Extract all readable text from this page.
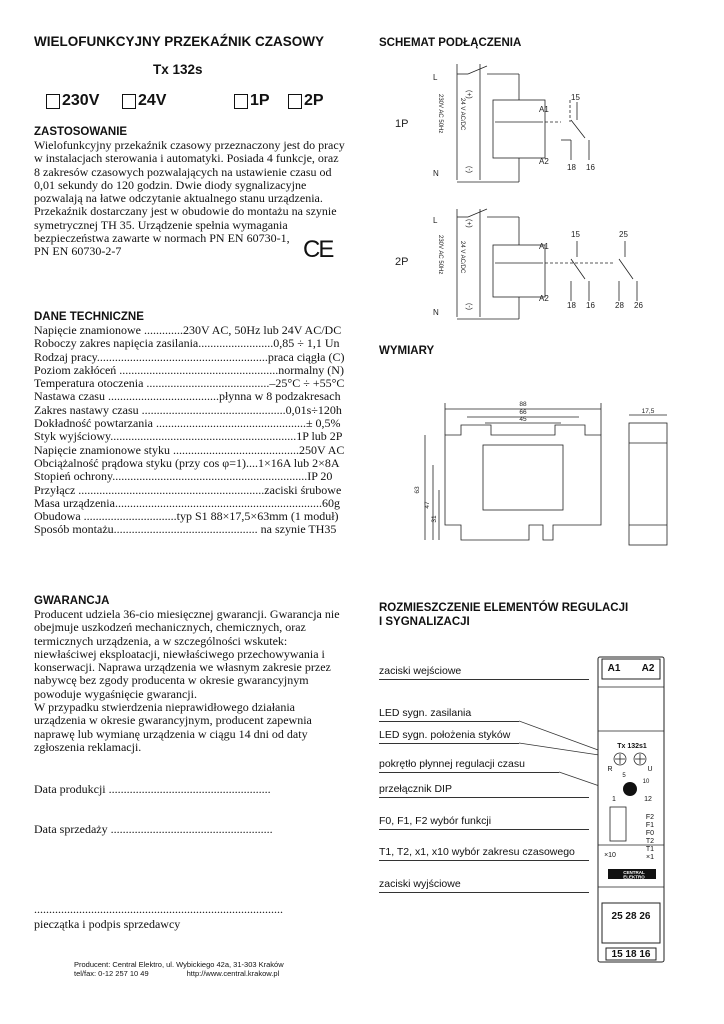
WIELOFUNKCYJNY PRZEKAŹNIK CZASOWY
Tx 132s
230V 24V	1P 2P
ZASTOSOWANIE
Wielofunkcyjny przekaźnik czasowy przeznaczony jest do pracy
w instalacjach sterowania i automatyki. Posiada 4 funkcje, oraz
8 zakresów czasowych pozwalających na ustawienie czasu od
0,01 sekundy do 120 godzin. Dwie diody sygnalizacyjne
pozwalają na łatwe odczytanie aktualnego stanu urządzenia.
Przekaźnik dostarczany jest w obudowie do montażu na szynie
symetrycznej TH 35. Urządzenie spełnia wymagania
bezpieczeństwa zawarte w normach PN EN 60730-1,
PN EN 60730-2-7	CE
DANE TECHNICZNE
Napięcie znamionowe .............230V AC, 50Hz lub 24V AC/DC
Roboczy zakres napięcia zasilania.........................0,85 ÷ 1,1 Un
Rodzaj pracy.........................................................praca ciągła (C)
Poziom zakłóceń .....................................................normalny (N)
Temperatura otoczenia .........................................–25°C ÷ +55°C
Nastawa czasu .....................................płynna w 8 podzakresach
Zakres nastawy czasu ................................................0,01s÷120h
Dokładność powtarzania ..................................................± 0,5%
Styk wyjściowy..............................................................1P lub 2P
Napięcie znamionowe styku ..........................................250V AC
Obciążalność prądowa styku (przy cos φ=1)....1×16A lub 2×8A
Stopień ochrony.................................................................IP 20
Przyłącz ..............................................................zaciski śrubowe
Masa urządzenia.....................................................................60g
Obudowa ...............................typ S1 88×17,5×63mm (1 moduł)
Sposób montażu................................................ na szynie TH35
GWARANCJA
Producent udziela 36-cio miesięcznej gwarancji. Gwarancja nie
obejmuje uszkodzeń mechanicznych, chemicznych, oraz
termicznych urządzenia, a w szczególności wskutek:
niewłaściwej eksploatacji, niewłaściwego przechowywania i
konserwacji. Naprawa urządzenia we własnym zakresie przez
nabywcę bez zgody producenta w okresie gwarancyjnym
powoduje wygaśnięcie gwarancji.
W przypadku stwierdzenia nieprawidłowego działania
urządzenia w okresie gwarancyjnym, producent zapewnia
naprawę lub wymianę urządzenia w ciągu 14 dni od daty
zgłoszenia reklamacji.
Data produkcji ......................................................
Data sprzedaży ......................................................
...................................................................................
pieczątka i podpis sprzedawcy
Producent: Central Elektro, ul. Wybickiego 42a, 31-303 Kraków
tel/fax: 0-12 257 10 49	http://www.central.krakow.pl
SCHEMAT PODŁĄCZENIA
L
N
(+)
(-)
230V AC 50Hz	24 V AC/DC	A1
A2
15
18 16
1P
L
N
(+)
(-)
230V AC 50Hz	24 V AC/DC	A1
A2
15	25
18 16	28 26
2P
WYMIARY
88
66
45
63
47
31
17,5
ROZMIESZCZENIE ELEMENTÓW REGULACJI
I SYGNALIZACJI
zaciski wejściowe
LED sygn. zasilania
LED sygn. położenia styków
pokrętło płynnej regulacji czasu
przełącznik DIP
F0, F1, F2 wybór funkcji
T1, T2, x1, x10 wybór zakresu czasowego
zaciski wyjściowe
A1 A2
25 28 26
15 18 16
Tx 132s1
R	U
1
5
10
12
×10
F2
F1
F0
T2
T1
×1
CENTRAL
ELEKTRO
